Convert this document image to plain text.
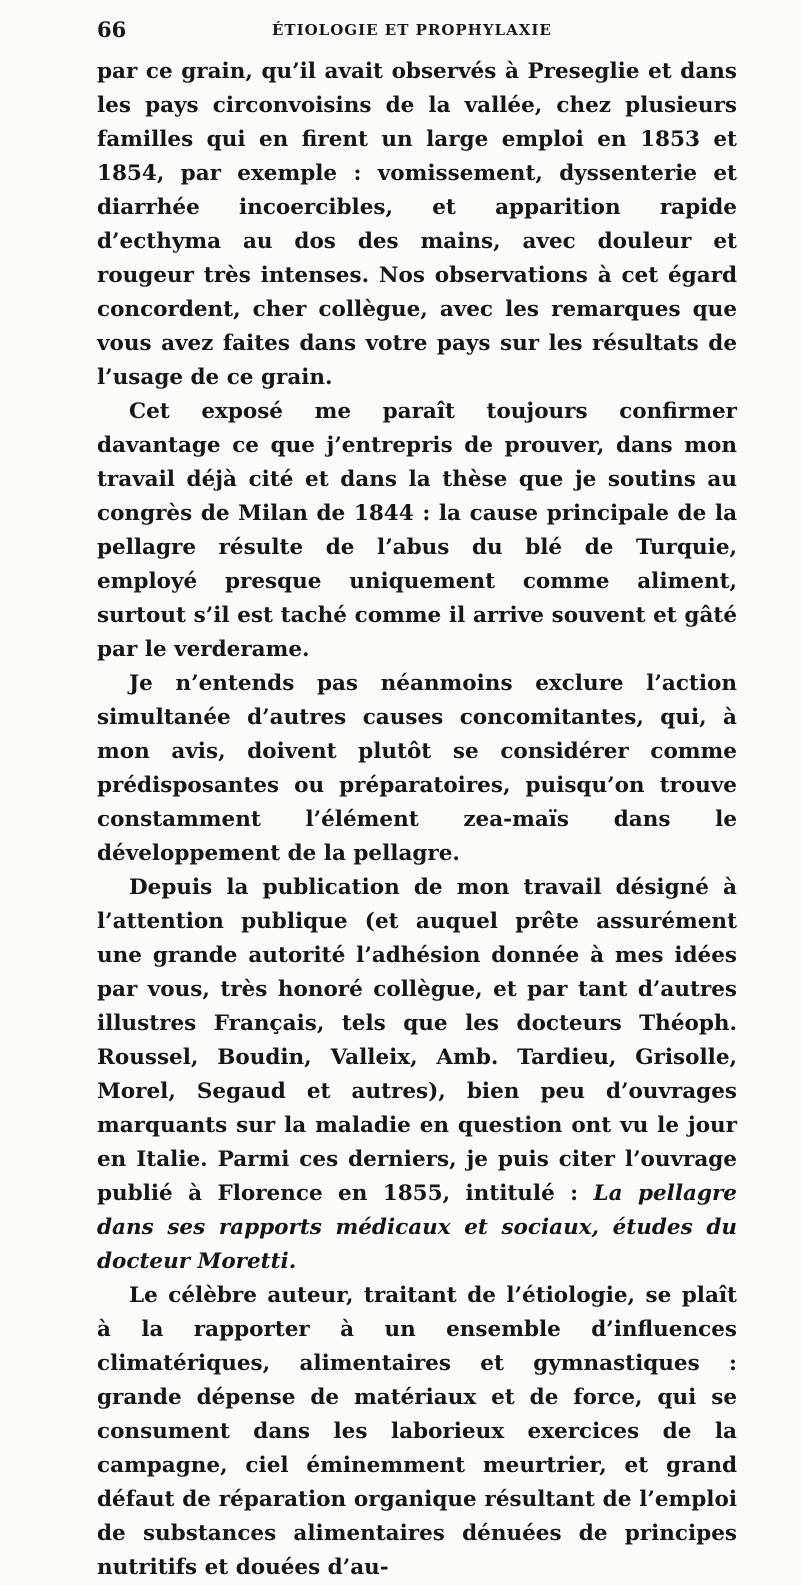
66	ÉTIOLOGIE ET PROPHYLAXIE

par ce grain, qu’il avait observés à Preseglie et dans les pays circonvoisins de la vallée, chez plusieurs familles qui en firent un large emploi en 1853 et 1854, par exemple : vomissement, dyssenterie et diarrhée incoercibles, et apparition rapide d’ecthyma au dos des mains, avec douleur et rougeur très intenses. Nos observations à cet égard concordent, cher collègue, avec les remarques que vous avez faites dans votre pays sur les résultats de l’usage de ce grain.

Cet exposé me paraît toujours confirmer davantage ce que j’entrepris de prouver, dans mon travail déjà cité et dans la thèse que je soutins au congrès de Milan de 1844 : la cause principale de la pellagre résulte de l’abus du blé de Turquie, employé presque uniquement comme aliment, surtout s’il est taché comme il arrive souvent et gâté par le verderame.

Je n’entends pas néanmoins exclure l’action simultanée d’autres causes concomitantes, qui, à mon avis, doivent plutôt se considérer comme prédisposantes ou préparatoires, puisqu’on trouve constamment l’élément zea-maïs dans le développement de la pellagre.

Depuis la publication de mon travail désigné à l’attention publique (et auquel prête assurément une grande autorité l’adhésion donnée à mes idées par vous, très honoré collègue, et par tant d’autres illustres Français, tels que les docteurs Théoph. Roussel, Boudin, Valleix, Amb. Tardieu, Grisolle, Morel, Segaud et autres), bien peu d’ouvrages marquants sur la maladie en question ont vu le jour en Italie. Parmi ces derniers, je puis citer l’ouvrage publié à Florence en 1855, intitulé : La pellagre dans ses rapports médicaux et sociaux, études du docteur Moretti.

Le célèbre auteur, traitant de l’étiologie, se plaît à la rapporter à un ensemble d’influences climatériques, alimentaires et gymnastiques : grande dépense de matériaux et de force, qui se consument dans les laborieux exercices de la campagne, ciel éminemment meurtrier, et grand défaut de réparation organique résultant de l’emploi de substances alimentaires dénuées de principes nutritifs et douées d’au-
